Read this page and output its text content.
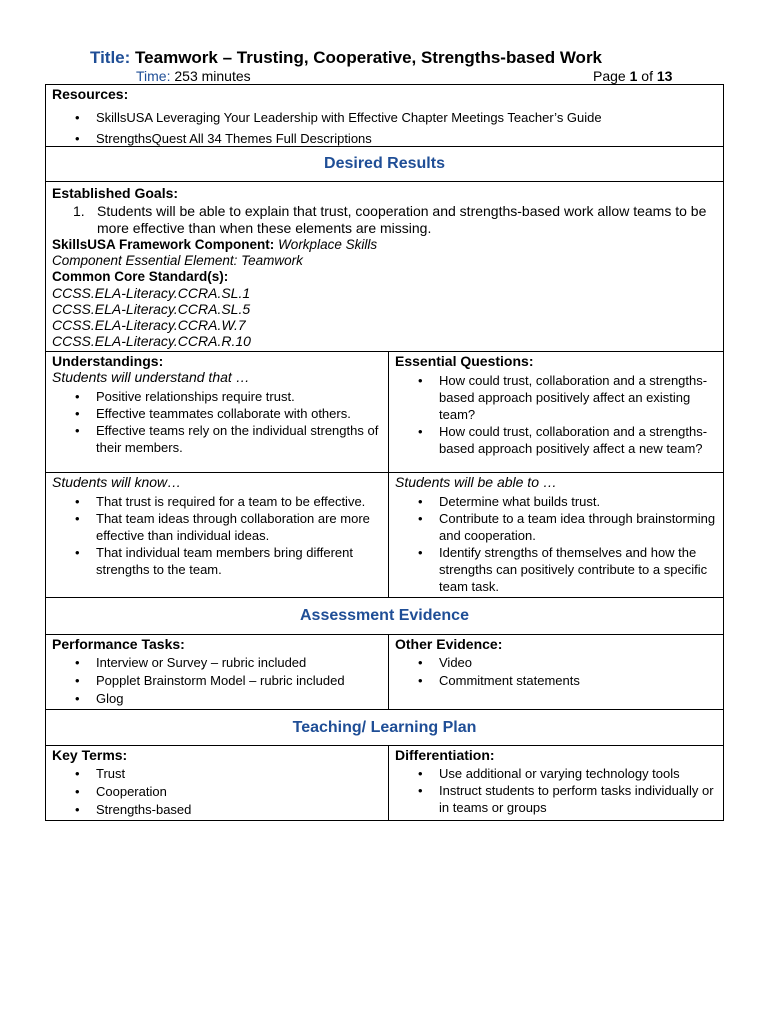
Title: Teamwork – Trusting, Cooperative, Strengths-based Work
Time: 253 minutes	Page 1 of 13
Resources:
• SkillsUSA Leveraging Your Leadership with Effective Chapter Meetings Teacher’s Guide
• StrengthsQuest All 34 Themes Full Descriptions
Desired Results
Established Goals:
1. Students will be able to explain that trust, cooperation and strengths-based work allow teams to be more effective than when these elements are missing.
SkillsUSA Framework Component: Workplace Skills
Component Essential Element: Teamwork
Common Core Standard(s):
CCSS.ELA-Literacy.CCRA.SL.1
CCSS.ELA-Literacy.CCRA.SL.5
CCSS.ELA-Literacy.CCRA.W.7
CCSS.ELA-Literacy.CCRA.R.10
Understandings:
Students will understand that …
• Positive relationships require trust.
• Effective teammates collaborate with others.
• Effective teams rely on the individual strengths of their members.
Essential Questions:
• How could trust, collaboration and a strengths-based approach positively affect an existing team?
• How could trust, collaboration and a strengths-based approach positively affect a new team?
Students will know…
• That trust is required for a team to be effective.
• That team ideas through collaboration are more effective than individual ideas.
• That individual team members bring different strengths to the team.
Students will be able to …
• Determine what builds trust.
• Contribute to a team idea through brainstorming and cooperation.
• Identify strengths of themselves and how the strengths can positively contribute to a specific team task.
Assessment Evidence
Performance Tasks:
• Interview or Survey – rubric included
• Popplet Brainstorm Model – rubric included
• Glog
Other Evidence:
• Video
• Commitment statements
Teaching/ Learning Plan
Key Terms:
• Trust
• Cooperation
• Strengths-based
Differentiation:
• Use additional or varying technology tools
• Instruct students to perform tasks individually or in teams or groups
